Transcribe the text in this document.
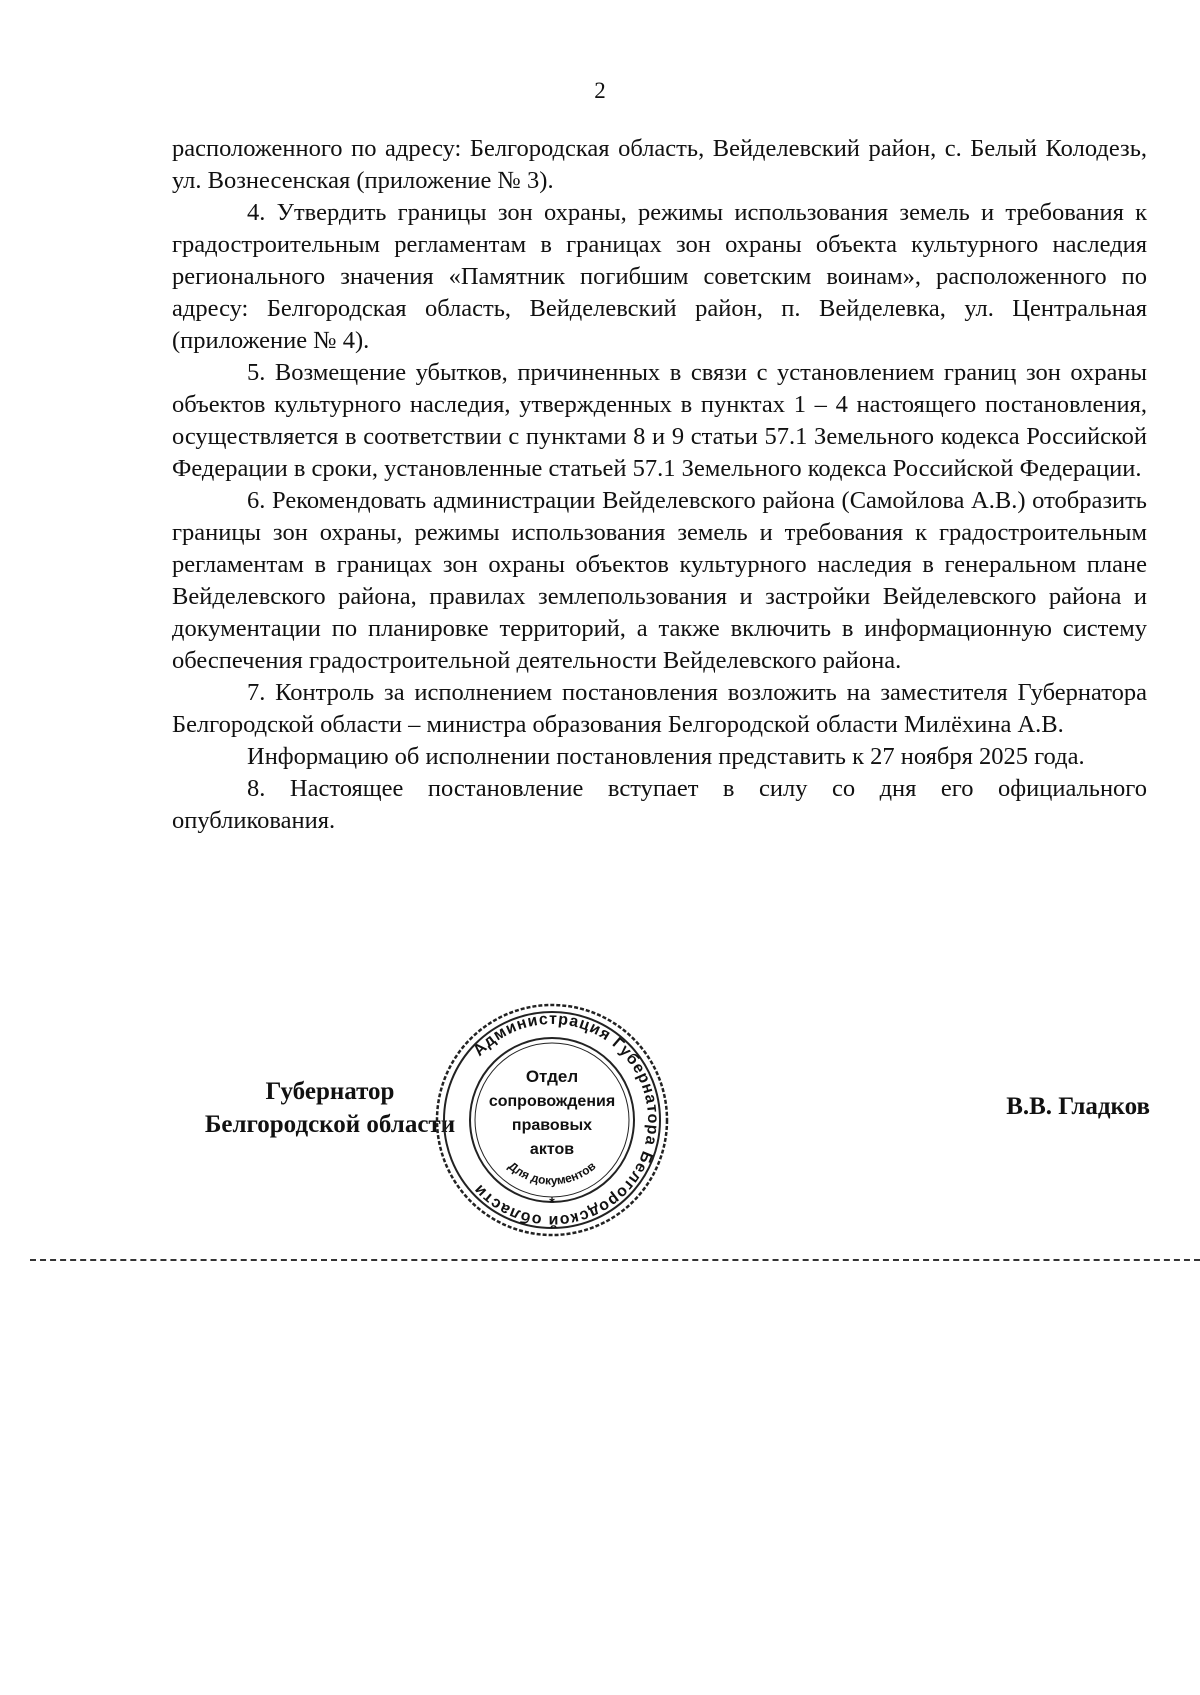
2

расположенного по адресу: Белгородская область, Вейделевский район, с. Белый Колодезь, ул. Вознесенская (приложение № 3).

4. Утвердить границы зон охраны, режимы использования земель и требования к градостроительным регламентам в границах зон охраны объекта культурного наследия регионального значения «Памятник погибшим советским воинам», расположенного по адресу: Белгородская область, Вейделевский район, п. Вейделевка, ул. Центральная (приложение № 4).

5. Возмещение убытков, причиненных в связи с установлением границ зон охраны объектов культурного наследия, утвержденных в пунктах 1 – 4 настоящего постановления, осуществляется в соответствии с пунктами 8 и 9 статьи 57.1 Земельного кодекса Российской Федерации в сроки, установленные статьей 57.1 Земельного кодекса Российской Федерации.

6. Рекомендовать администрации Вейделевского района (Самойлова А.В.) отобразить границы зон охраны, режимы использования земель и требования к градостроительным регламентам в границах зон охраны объектов культурного наследия в генеральном плане Вейделевского района, правилах землепользования и застройки Вейделевского района и документации по планировке территорий, а также включить в информационную систему обеспечения градостроительной деятельности Вейделевского района.

7. Контроль за исполнением постановления возложить на заместителя Губернатора Белгородской области – министра образования Белгородской области Милёхина А.В.

Информацию об исполнении постановления представить к 27 ноября 2025 года.

8. Настоящее постановление вступает в силу со дня его официального опубликования.

Губернатор
Белгородской области
Администрация Губернатора Белгородской области
Отдел
сопровождения
правовых
актов
Для документов
*
В.В. Гладков
